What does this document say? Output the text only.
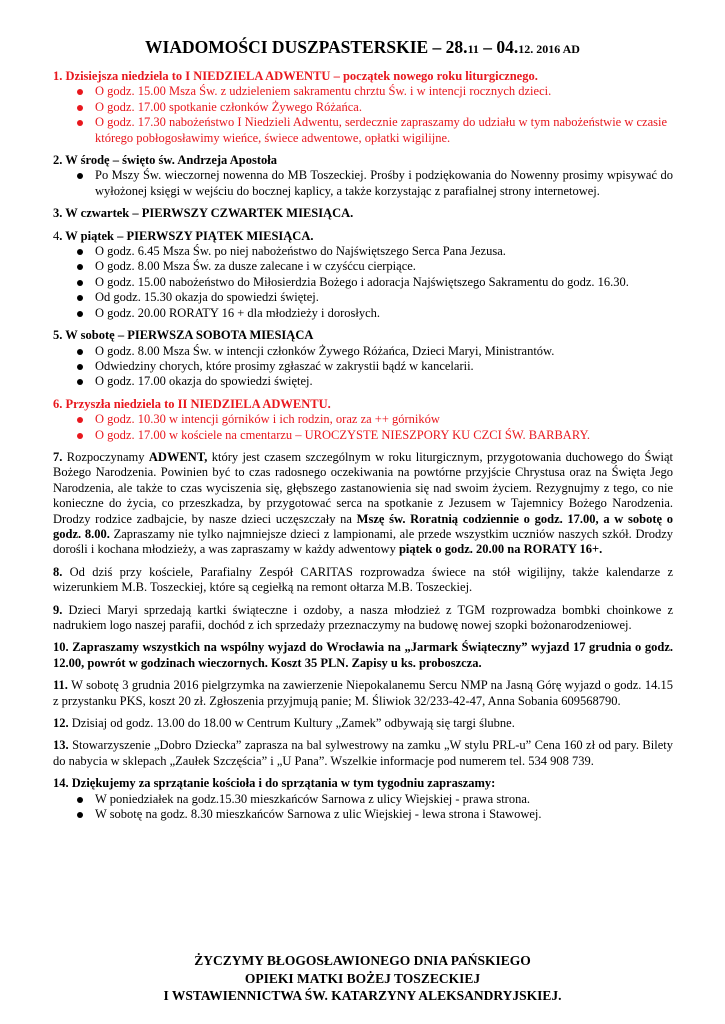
WIADOMOŚCI DUSZPASTERSKIE – 28.11 – 04.12. 2016 AD
1. Dzisiejsza niedziela to I NIEDZIELA ADWENTU – początek nowego roku liturgicznego.
O godz. 15.00 Msza Św. z udzieleniem sakramentu chrztu Św. i w intencji rocznych dzieci.
O godz. 17.00 spotkanie członków Żywego Różańca.
O godz. 17.30 nabożeństwo I Niedzieli Adwentu, serdecznie zapraszamy do udziału w tym nabożeństwie w czasie którego pobłogosławimy wieńce, świece adwentowe, opłatki wigilijne.
2. W środę – święto św. Andrzeja Apostoła
Po Mszy Św. wieczornej nowenna do MB Toszeckiej. Prośby i podziękowania do Nowenny prosimy wpisywać do wyłożonej księgi w wejściu do bocznej kaplicy, a także korzystając z parafialnej strony internetowej.
3. W czwartek – PIERWSZY CZWARTEK MIESIĄCA.
4. W piątek – PIERWSZY PIĄTEK MIESIĄCA.
O godz. 6.45 Msza Św. po niej nabożeństwo do Najświętszego Serca Pana Jezusa.
O godz. 8.00 Msza Św. za dusze zalecane i w czyśćcu cierpiące.
O godz. 15.00 nabożeństwo do Miłosierdzia Bożego i adoracja Najświętszego Sakramentu do godz. 16.30.
Od godz. 15.30 okazja do spowiedzi świętej.
O godz. 20.00 RORATY 16 + dla młodzieży i dorosłych.
5. W sobotę – PIERWSZA SOBOTA MIESIĄCA
O godz. 8.00 Msza Św. w intencji członków Żywego Różańca, Dzieci Maryi, Ministrantów.
Odwiedziny chorych, które prosimy zgłaszać w zakrystii bądź w kancelarii.
O godz. 17.00 okazja do spowiedzi świętej.
6. Przyszła niedziela to II NIEDZIELA ADWENTU.
O godz. 10.30 w intencji górników i ich rodzin, oraz za ++ górników
O godz. 17.00 w kościele na cmentarzu – UROCZYSTE NIESZPORY KU CZCI ŚW. BARBARY.
7. Rozpoczynamy ADWENT, który jest czasem szczególnym w roku liturgicznym, przygotowania duchowego do Świąt Bożego Narodzenia. Powinien być to czas radosnego oczekiwania na powtórne przyjście Chrystusa oraz na Święta Jego Narodzenia, ale także to czas wyciszenia się, głębszego zastanowienia się nad swoim życiem. Rezygnujmy z tego, co nie konieczne do życia, co przeszkadza, by przygotować serca na spotkanie z Jezusem w Tajemnicy Bożego Narodzenia. Drodzy rodzice zadbajcie, by nasze dzieci uczęszczały na Mszę św. Roratnią codziennie o godz. 17.00, a w sobotę o godz. 8.00. Zapraszamy nie tylko najmniejsze dzieci z lampionami, ale przede wszystkim uczniów naszych szkół. Drodzy dorośli i kochana młodzieży, a was zapraszamy w każdy adwentowy piątek o godz. 20.00 na RORATY 16+.
8. Od dziś przy kościele, Parafialny Zespół CARITAS rozprowadza świece na stół wigilijny, także kalendarze z wizerunkiem M.B. Toszeckiej, które są cegiełką na remont ołtarza M.B. Toszeckiej.
9. Dzieci Maryi sprzedają kartki świąteczne i ozdoby, a nasza młodzież z TGM rozprowadza bombki choinkowe z nadrukiem logo naszej parafii, dochód z ich sprzedaży przeznaczymy na budowę nowej szopki bożonarodzeniowej.
10. Zapraszamy wszystkich na wspólny wyjazd do Wrocławia na „Jarmark Świąteczny” wyjazd 17 grudnia o godz. 12.00, powrót w godzinach wieczornych. Koszt 35 PLN. Zapisy u ks. proboszcza.
11. W sobotę 3 grudnia 2016 pielgrzymka na zawierzenie Niepokalanemu Sercu NMP na Jasną Górę wyjazd o godz. 14.15 z przystanku PKS, koszt 20 zł. Zgłoszenia przyjmują panie; M. Śliwiok 32/233-42-47, Anna Sobania 609568790.
12. Dzisiaj od godz. 13.00 do 18.00 w Centrum Kultury „Zamek” odbywają się targi ślubne.
13. Stowarzyszenie „Dobro Dziecka” zaprasza na bal sylwestrowy na zamku „W stylu PRL-u” Cena 160 zł od pary. Bilety do nabycia w sklepach „Zaułek Szczęścia” i „U Pana”. Wszelkie informacje pod numerem tel. 534 908 739.
14. Dziękujemy za sprzątanie kościoła i do sprzątania w tym tygodniu zapraszamy:
W poniedziałek na godz.15.30 mieszkańców Sarnowa z ulicy Wiejskiej - prawa strona.
W sobotę na godz. 8.30 mieszkańców Sarnowa z ulic Wiejskiej - lewa strona i Stawowej.
ŻYCZYMY BŁOGOSŁAWIONEGO DNIA PAŃSKIEGO
OPIEKI MATKI BOŻEJ TOSZECKIEJ
I WSTAWIENNICTWA ŚW. KATARZYNY ALEKSANDRYJSKIEJ.
